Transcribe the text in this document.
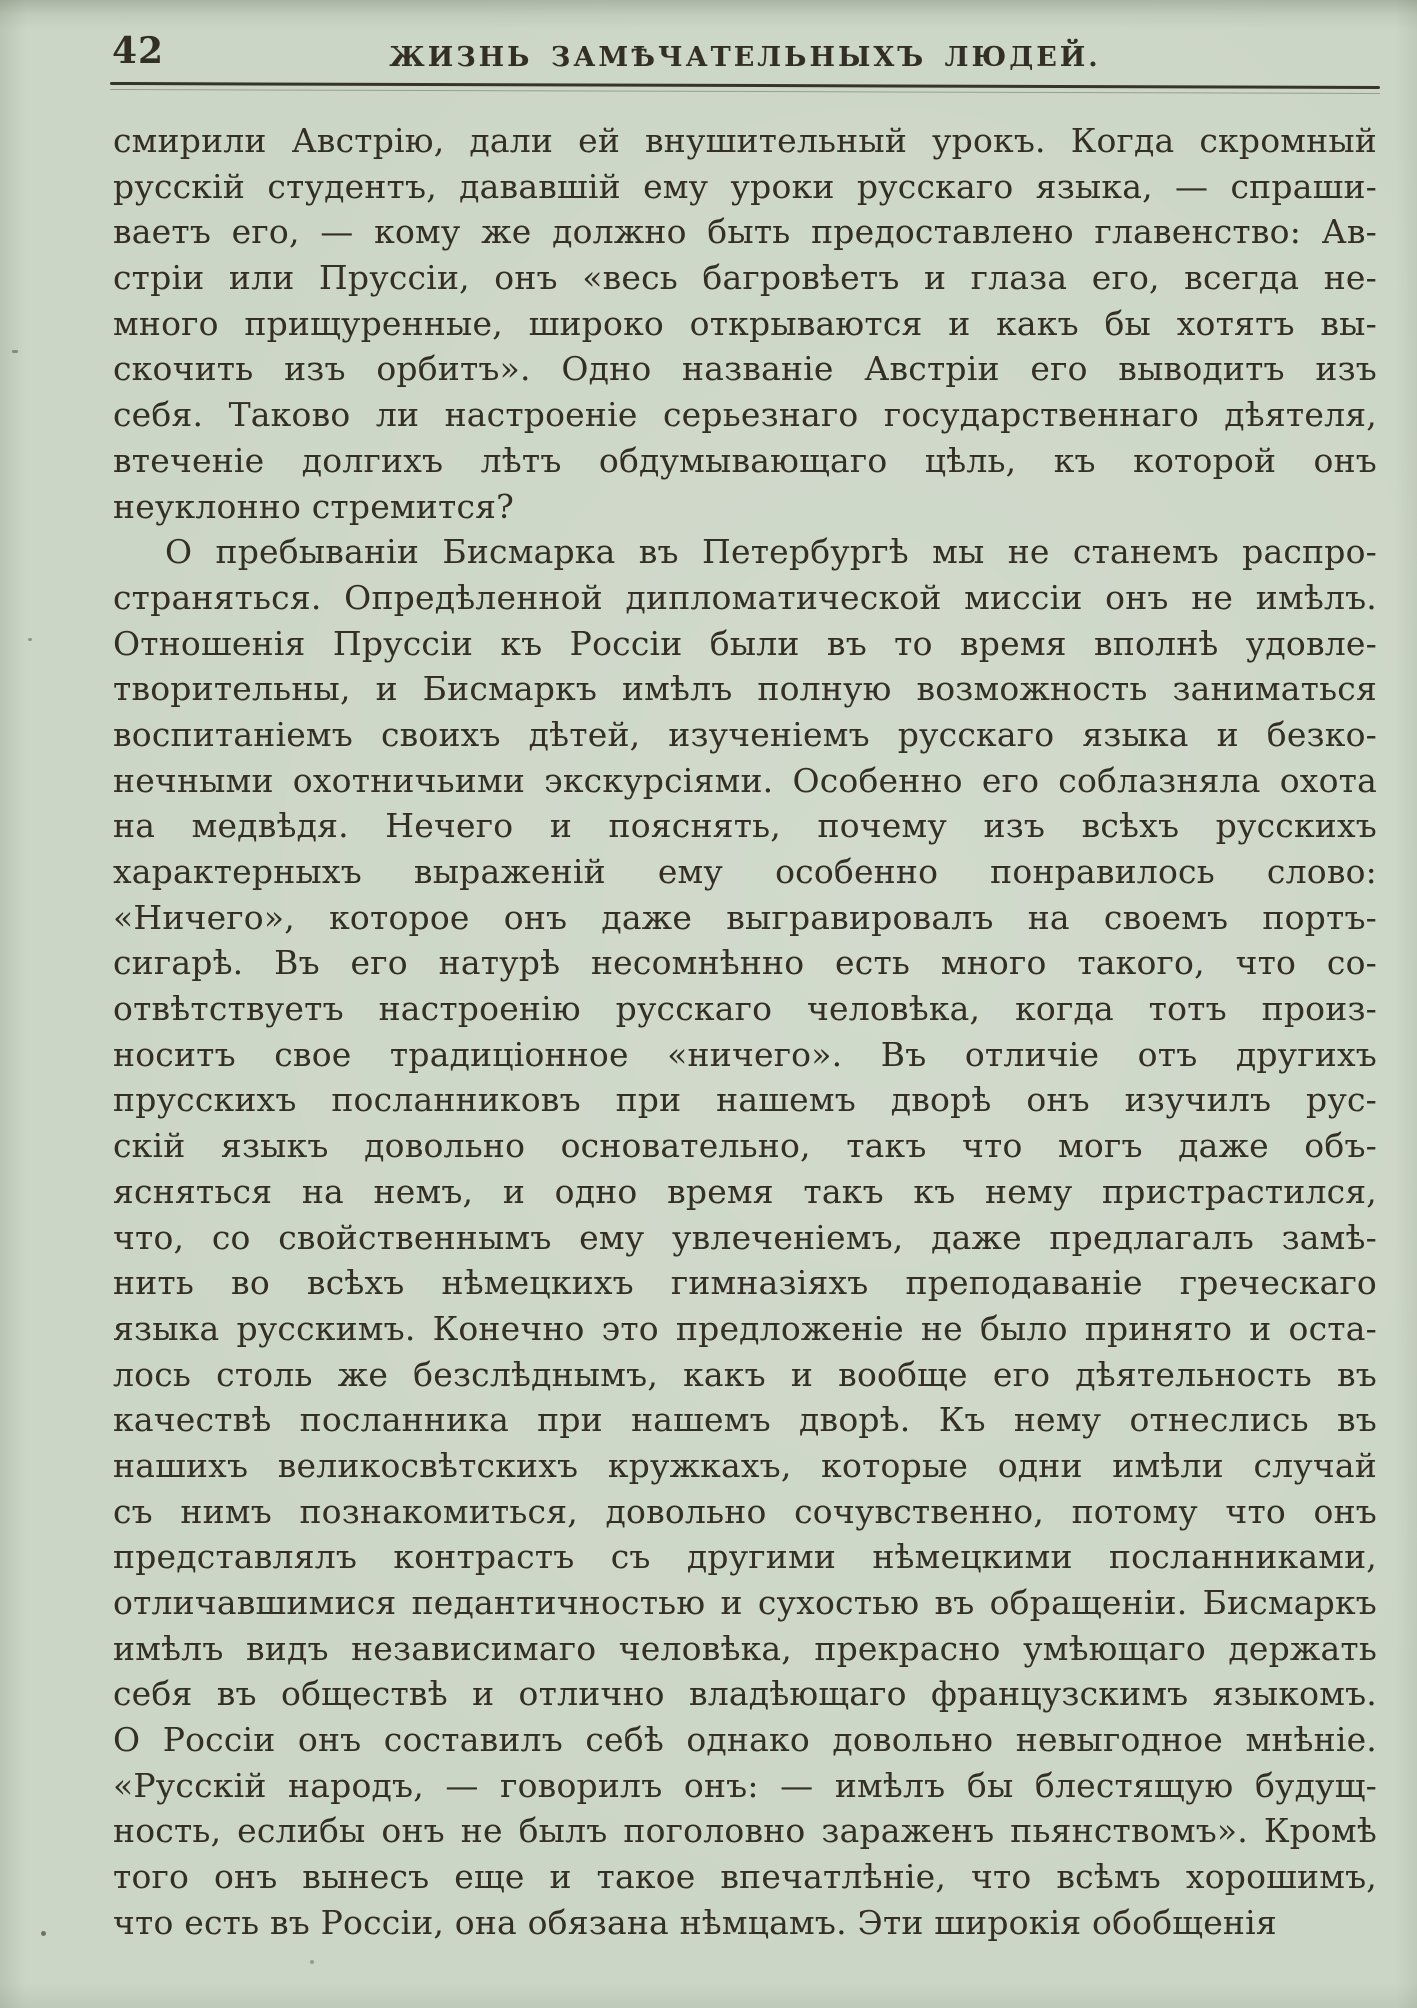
42	ЖИЗНЬ ЗАМѢЧАТЕЛЬНЫХЪ ЛЮДЕЙ.
смирили Австрію, дали ей внушительный урокъ. Когда скромный
русскій студентъ, дававшій ему уроки русскаго языка, — спраши-
ваетъ его, — кому же должно быть предоставлено главенство: Ав-
стріи или Пруссіи, онъ «весь багровѣетъ и глаза его, всегда не-
много прищуренные, широко открываются и какъ бы хотятъ вы-
скочить изъ орбитъ». Одно названіе Австріи его выводитъ изъ
себя. Таково ли настроеніе серьезнаго государственнаго дѣятеля,
втеченіе долгихъ лѣтъ обдумывающаго цѣль, къ которой онъ
неуклонно стремится?
О пребываніи Бисмарка въ Петербургѣ мы не станемъ распро-
страняться. Опредѣленной дипломатической миссіи онъ не имѣлъ.
Отношенія Пруссіи къ Россіи были въ то время вполнѣ удовле-
творительны, и Бисмаркъ имѣлъ полную возможность заниматься
воспитаніемъ своихъ дѣтей, изученіемъ русскаго языка и безко-
нечными охотничьими экскурсіями. Особенно его соблазняла охота
на медвѣдя. Нечего и пояснять, почему изъ всѣхъ русскихъ
характерныхъ выраженій ему особенно понравилось слово:
«Ничего», которое онъ даже выгравировалъ на своемъ портъ-
сигарѣ. Въ его натурѣ несомнѣнно есть много такого, что со-
отвѣтствуетъ настроенію русскаго человѣка, когда тотъ произ-
носитъ свое традиціонное «ничего». Въ отличіе отъ другихъ
прусскихъ посланниковъ при нашемъ дворѣ онъ изучилъ рус-
скій языкъ довольно основательно, такъ что могъ даже объ-
ясняться на немъ, и одно время такъ къ нему пристрастился,
что, со свойственнымъ ему увлеченіемъ, даже предлагалъ замѣ-
нить во всѣхъ нѣмецкихъ гимназіяхъ преподаваніе греческаго
языка русскимъ. Конечно это предложеніе не было принято и оста-
лось столь же безслѣднымъ, какъ и вообще его дѣятельность въ
качествѣ посланника при нашемъ дворѣ. Къ нему отнеслись въ
нашихъ великосвѣтскихъ кружкахъ, которые одни имѣли случай
съ нимъ познакомиться, довольно сочувственно, потому что онъ
представлялъ контрастъ съ другими нѣмецкими посланниками,
отличавшимися педантичностью и сухостью въ обращеніи. Бисмаркъ
имѣлъ видъ независимаго человѣка, прекрасно умѣющаго держать
себя въ обществѣ и отлично владѣющаго французскимъ языкомъ.
О Россіи онъ составилъ себѣ однако довольно невыгодное мнѣніе.
«Русскій народъ, — говорилъ онъ: — имѣлъ бы блестящую будущ-
ность, еслибы онъ не былъ поголовно зараженъ пьянствомъ». Кромѣ
того онъ вынесъ еще и такое впечатлѣніе, что всѣмъ хорошимъ,
что есть въ Россіи, она обязана нѣмцамъ. Эти широкія обобщенія
